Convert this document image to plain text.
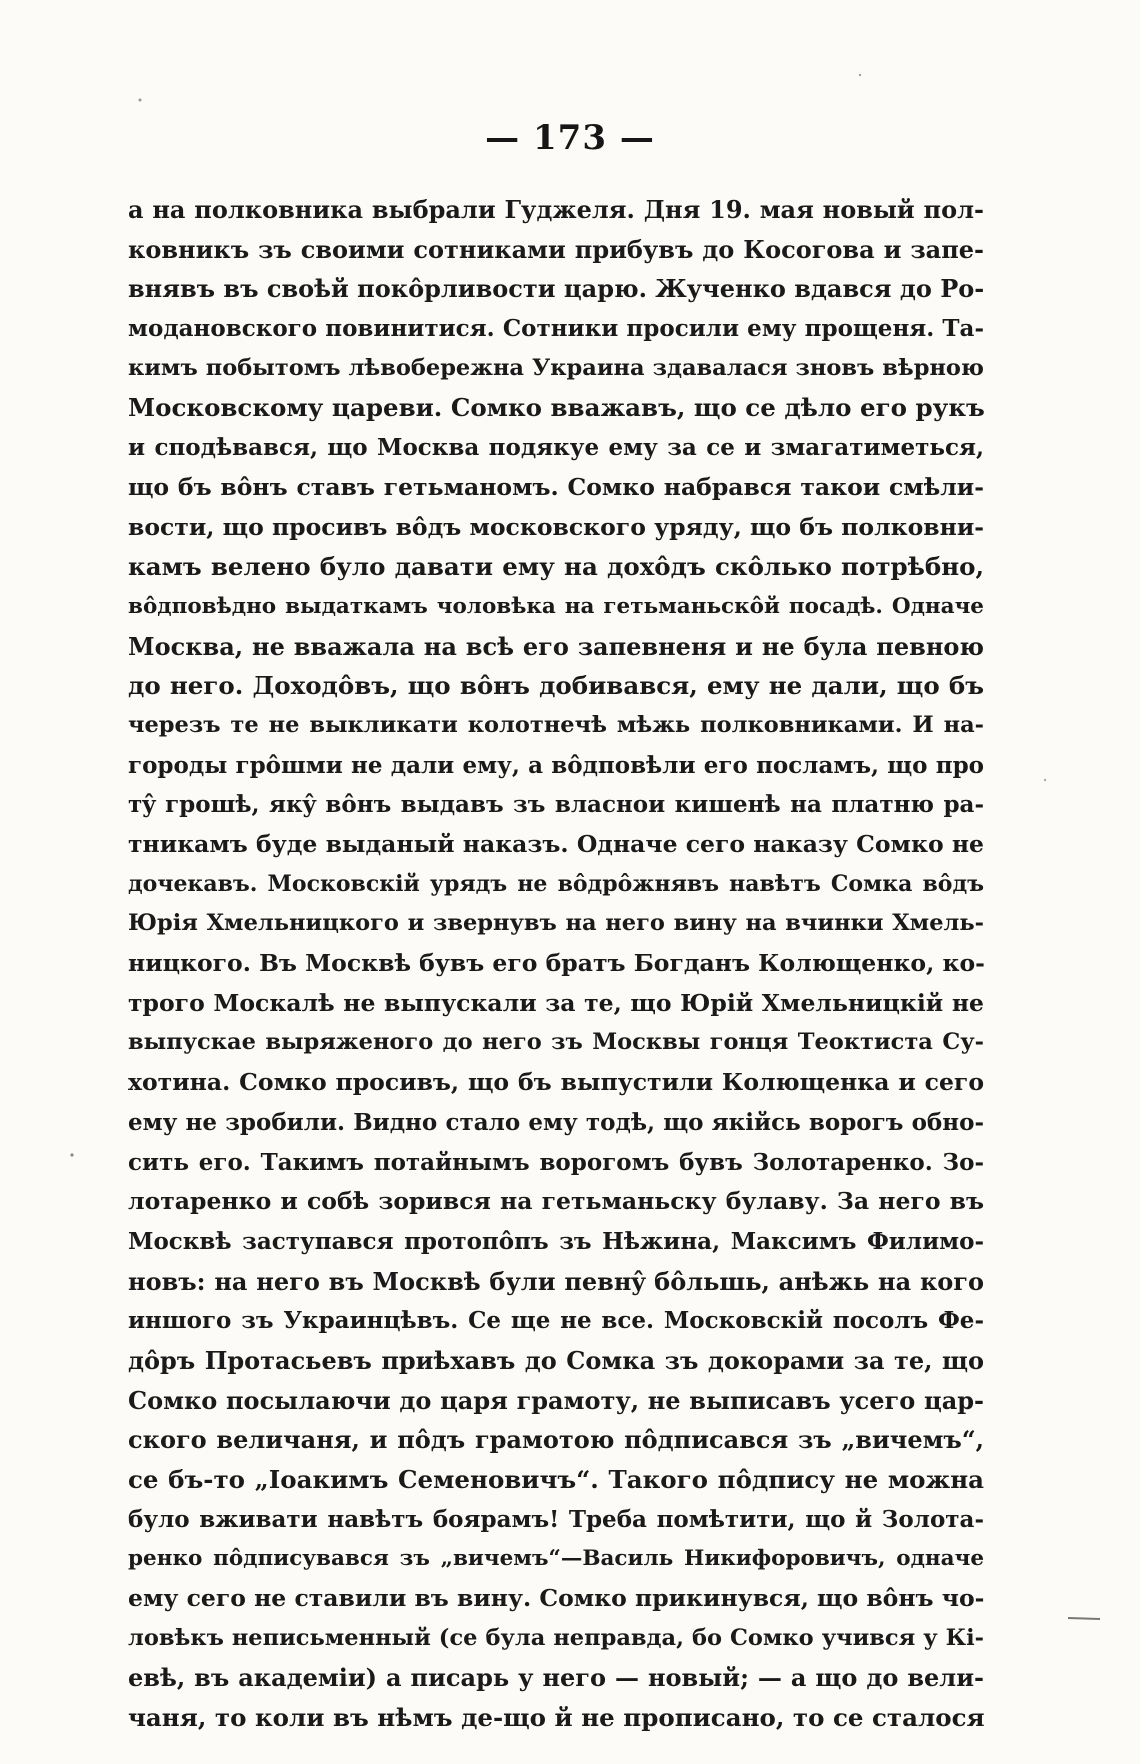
— 173 —
а на полковника выбрали Гуджеля. Дня 19. мая новый пол-
ковникъ зъ своими сотниками прибувъ до Косогова и запе-
внявъ въ своѣй покôрливости царю. Жученко вдався до Ро-
модановского повинитися. Сотники просили ему прощеня. Та-
кимъ побытомъ лѣвобережна Украина здавалася зновъ вѣрною
Московскому цареви. Сомко вважавъ, що се дѣло его рукъ
и сподѣвався, що Москва подякуе ему за се и змагатиметься,
що бъ вôнъ ставъ гетьманомъ. Сомко набрався такои смѣли-
вости, що просивъ вôдъ московского уряду, що бъ полковни-
камъ велено було давати ему на дохôдъ скôлько потрѣбно,
вôдповѣдно выдаткамъ чоловѣка на гетьманьскôй посадѣ. Одначе
Москва, не вважала на всѣ его запевненя и не була певною
до него. Доходôвъ, що вôнъ добивався, ему не дали, що бъ
черезъ те не выкликати колотнечѣ мѣжь полковниками. И на-
городы грôшми не дали ему, а вôдповѣли его посламъ, що про
тŷ грошѣ, якŷ вôнъ выдавъ зъ власнои кишенѣ на платню ра-
тникамъ буде выданый наказъ. Одначе сего наказу Сомко не
дочекавъ. Московскій урядъ не вôдрôжнявъ навѣтъ Сомка вôдъ
Юрія Хмельницкого и звернувъ на него вину на вчинки Хмель-
ницкого. Въ Москвѣ бувъ его братъ Богданъ Колющенко, ко-
трого Москалѣ не выпускали за те, що Юрій Хмельницкій не
выпускае выряженого до него зъ Москвы гонця Теоктиста Су-
хотина. Сомко просивъ, що бъ выпустили Колющенка и сего
ему не зробили. Видно стало ему тодѣ, що якійсь ворогъ обно-
сить его. Такимъ потайнымъ ворогомъ бувъ Золотаренко. Зо-
лотаренко и собѣ зорився на гетьманьску булаву. За него въ
Москвѣ заступався протопôпъ зъ Нѣжина, Максимъ Филимо-
новъ: на него въ Москвѣ були певнŷ бôльшь, анѣжь на кого
иншого зъ Украинцѣвъ. Се ще не все. Московскій посолъ Фе-
дôръ Протасьевъ приѣхавъ до Сомка зъ докорами за те, що
Сомко посылаючи до царя грамоту, не выписавъ усего цар-
ского величаня, и пôдъ грамотою пôдписався зъ „вичемъ“,
се бъ-то „Іоакимъ Семеновичъ“. Такого пôдпису не можна
було вживати навѣтъ боярамъ! Треба помѣтити, що й Золота-
ренко пôдписувався зъ „вичемъ“—Василь Никифоровичъ, одначе
ему сего не ставили въ вину. Сомко прикинувся, що вôнъ чо-
ловѣкъ неписьменный (се була неправда, бо Сомко учився у Кі-
евѣ, въ академіи) а писарь у него — новый; — а що до вели-
чаня, то коли въ нѣмъ де-що й не прописано, то се сталося
